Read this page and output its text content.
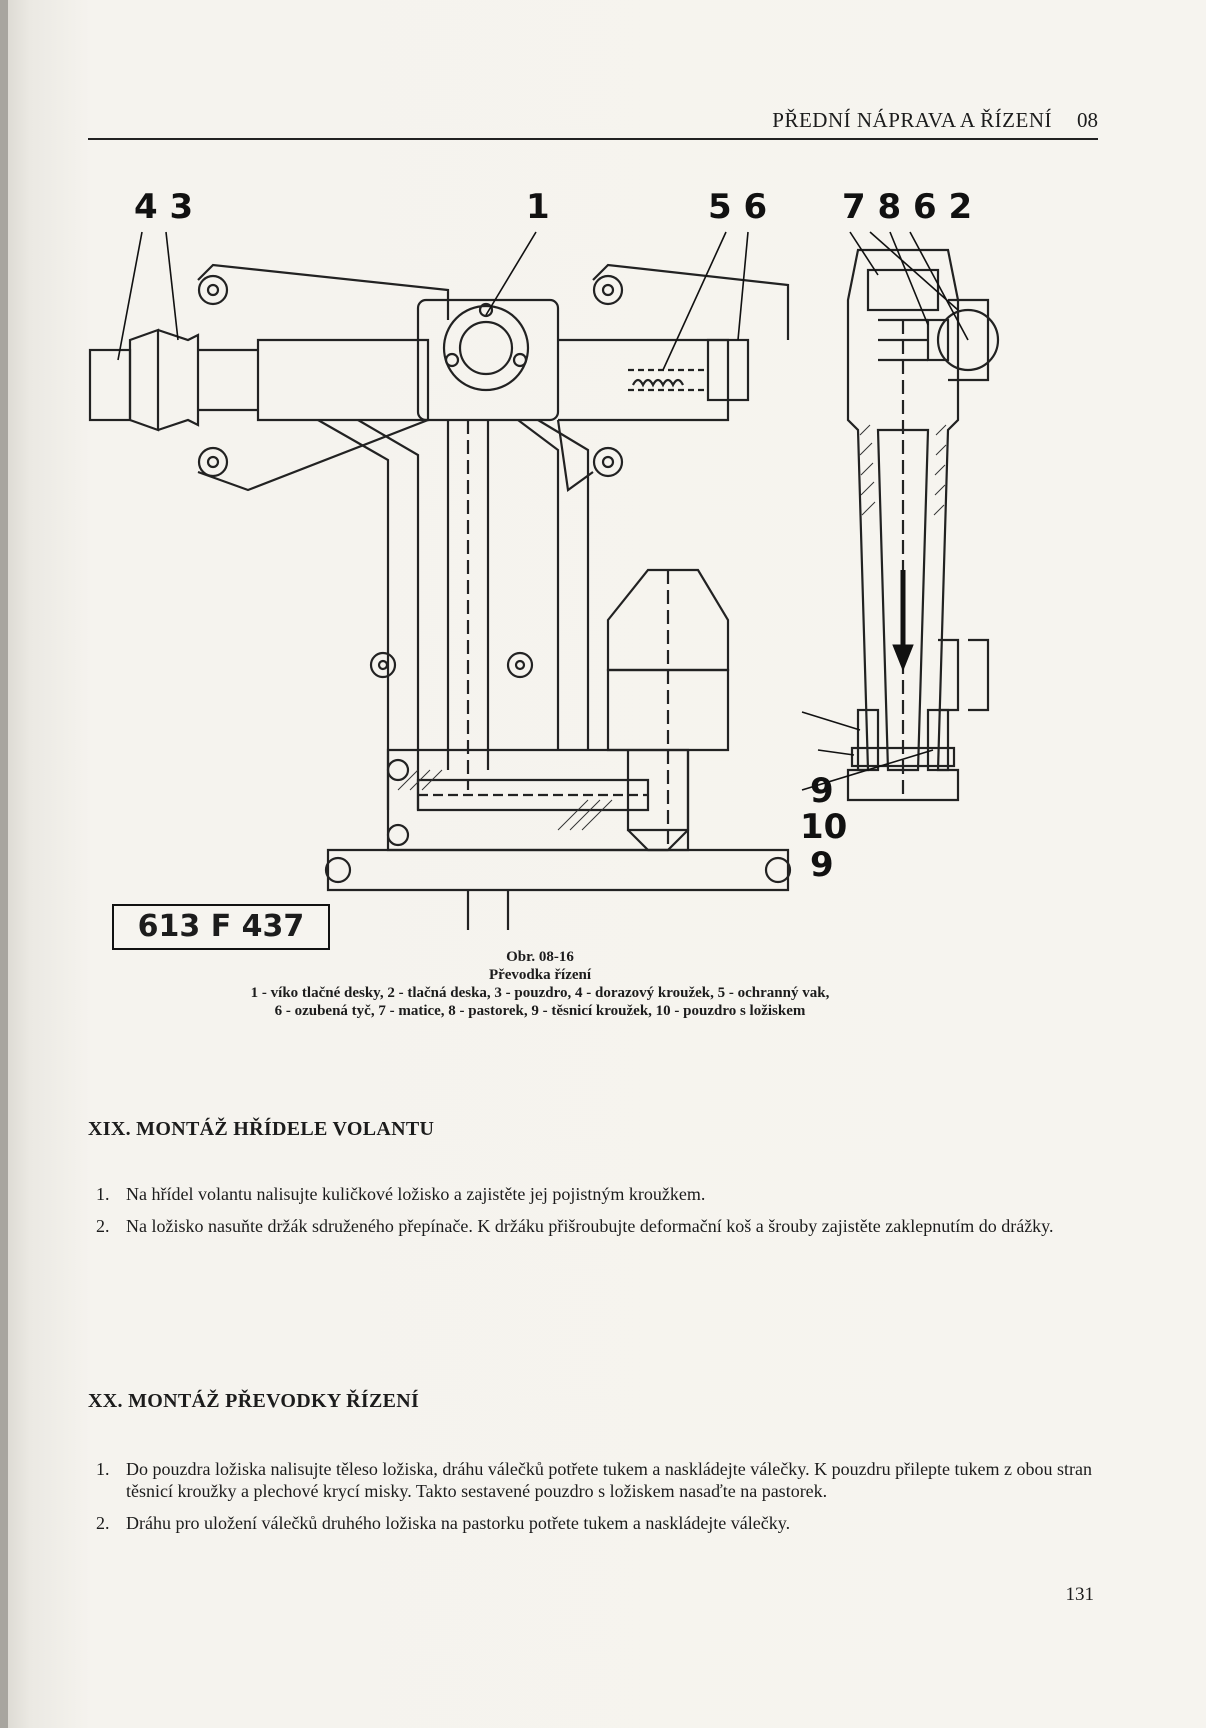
PŘEDNÍ NÁPRAVA A ŘÍZENÍ 08
4 3	1	5 6 7 8 6 2
9
10
9
613 F 437
Obr. 08-16
Převodka řízení
1 - víko tlačné desky, 2 - tlačná deska, 3 - pouzdro, 4 - dorazový kroužek, 5 - ochranný vak,
6 - ozubená tyč, 7 - matice, 8 - pastorek, 9 - těsnicí kroužek, 10 - pouzdro s ložiskem
XIX. MONTÁŽ HŘÍDELE VOLANTU
1. Na hřídel volantu nalisujte kuličkové ložisko a zajistěte jej pojistným kroužkem.
2. Na ložisko nasuňte držák sdruženého přepínače. K držáku přišroubujte deformační koš a šrouby zajistěte zaklepnutím do drážky.
XX. MONTÁŽ PŘEVODKY ŘÍZENÍ
1. Do pouzdra ložiska nalisujte těleso ložiska, dráhu válečků potřete tukem a naskládejte válečky. K pouzdru přilepte tukem z obou stran těsnicí kroužky a plechové krycí misky. Takto sestavené pouzdro s ložiskem nasaďte na pastorek.
2. Dráhu pro uložení válečků druhého ložiska na pastorku potřete tukem a naskládejte válečky.
131
